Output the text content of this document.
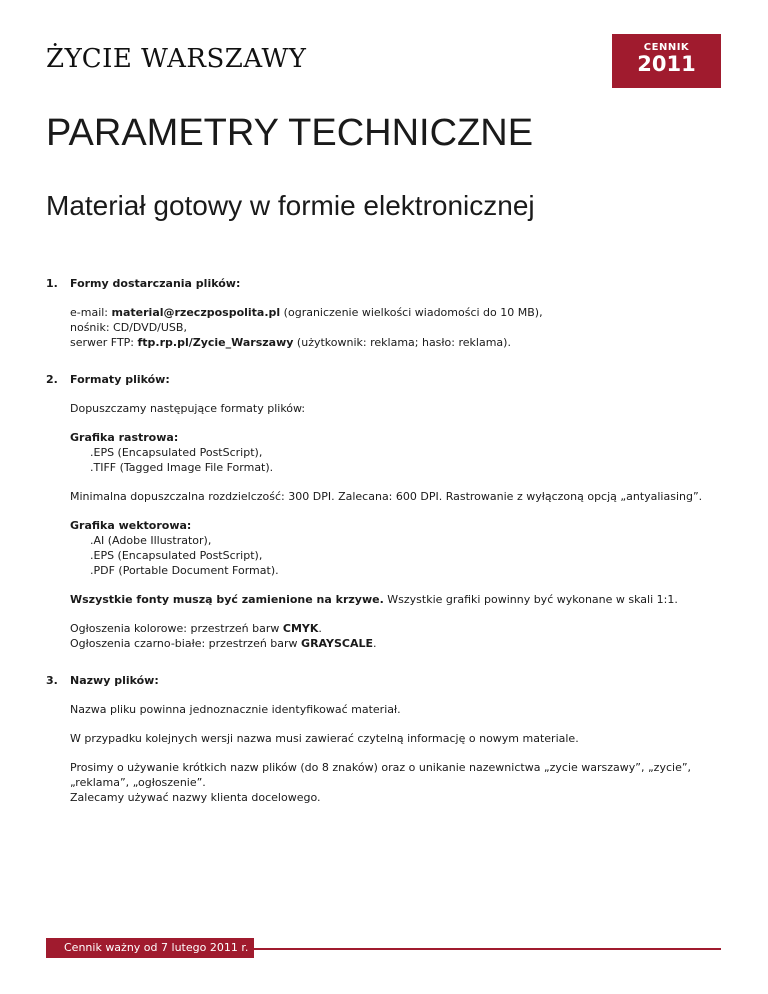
ŻYCIE WARSZAWY	CENNIK
2011
PARAMETRY TECHNICZNE
Materiał gotowy w formie elektronicznej
1. Formy dostarczania plików:
e-mail: material@rzeczpospolita.pl (ograniczenie wielkości wiadomości do 10 MB),
nośnik: CD/DVD/USB,
serwer FTP: ftp.rp.pl/Zycie_Warszawy (użytkownik: reklama; hasło: reklama).
2. Formaty plików:

Dopuszczamy następujące formaty plików:

Grafika rastrowa:
.EPS (Encapsulated PostScript),
.TIFF (Tagged Image File Format).

Minimalna dopuszczalna rozdzielczość: 300 DPI. Zalecana: 600 DPI. Rastrowanie z wyłączoną opcją „antyaliasing”.

Grafika wektorowa:
.AI (Adobe Illustrator),
.EPS (Encapsulated PostScript),
.PDF (Portable Document Format).

Wszystkie fonty muszą być zamienione na krzywe. Wszystkie grafiki powinny być wykonane w skali 1:1.

Ogłoszenia kolorowe: przestrzeń barw CMYK.
Ogłoszenia czarno-białe: przestrzeń barw GRAYSCALE.
3. Nazwy plików:

Nazwa pliku powinna jednoznacznie identyfikować materiał.

W przypadku kolejnych wersji nazwa musi zawierać czytelną informację o nowym materiale.

Prosimy o używanie krótkich nazw plików (do 8 znaków) oraz o unikanie nazewnictwa „zycie warszawy”, „zycie”, „reklama”, „ogłoszenie”.
Zalecamy używać nazwy klienta docelowego.
Cennik ważny od 7 lutego 2011 r.
